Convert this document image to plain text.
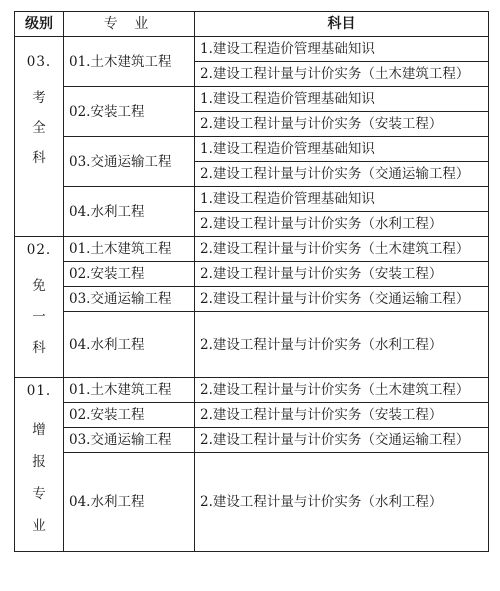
级别	专 业	科目

03.
考
全
科	01.土木建筑工程	1.建设工程造价管理基础知识
		2.建设工程计量与计价实务（土木建筑工程）
	02.安装工程	1.建设工程造价管理基础知识
		2.建设工程计量与计价实务（安装工程）
	03.交通运输工程	1.建设工程造价管理基础知识
		2.建设工程计量与计价实务（交通运输工程）
	04.水利工程	1.建设工程造价管理基础知识
		2.建设工程计量与计价实务（水利工程）

02.
免
一
科	01.土木建筑工程	2.建设工程计量与计价实务（土木建筑工程）
	02.安装工程	2.建设工程计量与计价实务（安装工程）
	03.交通运输工程	2.建设工程计量与计价实务（交通运输工程）
	04.水利工程	2.建设工程计量与计价实务（水利工程）

01.
增
报
专
业	01.土木建筑工程	2.建设工程计量与计价实务（土木建筑工程）
	02.安装工程	2.建设工程计量与计价实务（安装工程）
	03.交通运输工程	2.建设工程计量与计价实务（交通运输工程）
	04.水利工程	2.建设工程计量与计价实务（水利工程）
